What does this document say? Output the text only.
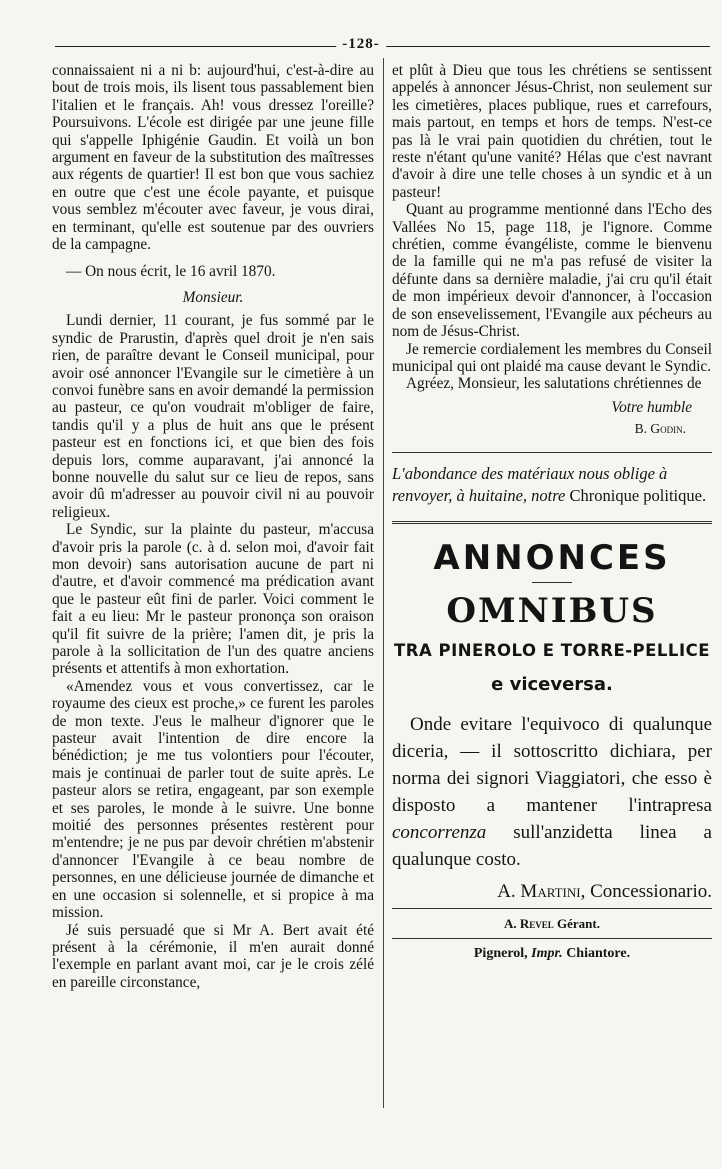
-128-

connaissaient ni a ni b: aujourd'hui, c'est-à-dire au bout de trois mois, ils lisent tous passablement bien l'italien et le français. Ah! vous dressez l'oreille? Poursuivons. L'école est dirigée par une jeune fille qui s'appelle Iphigénie Gaudin. Et voilà un bon argument en faveur de la substitution des maîtresses aux régents de quartier! Il est bon que vous sachiez en outre que c'est une école payante, et puisque vous semblez m'écouter avec faveur, je vous dirai, en terminant, qu'elle est soutenue par des ouvriers de la campagne.

— On nous écrit, le 16 avril 1870.

Monsieur.

Lundi dernier, 11 courant, je fus sommé par le syndic de Prarustin, d'après quel droit je n'en sais rien, de paraître devant le Conseil municipal, pour avoir osé annoncer l'Evangile sur le cimetière à un convoi funèbre sans en avoir demandé la permission au pasteur, ce qu'on voudrait m'obliger de faire, tandis qu'il y a plus de huit ans que le présent pasteur est en fonctions ici, et que bien des fois depuis lors, comme auparavant, j'ai annoncé la bonne nouvelle du salut sur ce lieu de repos, sans avoir dû m'adresser au pouvoir civil ni au pouvoir religieux.

Le Syndic, sur la plainte du pasteur, m'accusa d'avoir pris la parole (c. à d. selon moi, d'avoir fait mon devoir) sans autorisation aucune de part ni d'autre, et d'avoir commencé ma prédication avant que le pasteur eût fini de parler. Voici comment le fait a eu lieu: Mr le pasteur prononça son oraison qu'il fit suivre de la prière; l'amen dit, je pris la parole à la sollicitation de l'un des quatre anciens présents et attentifs à mon exhortation.

«Amendez vous et vous convertissez, car le royaume des cieux est proche,» ce furent les paroles de mon texte. J'eus le malheur d'ignorer que le pasteur avait l'intention de dire encore la bénédiction; je me tus volontiers pour l'écouter, mais je continuai de parler tout de suite après. Le pasteur alors se retira, engageant, par son exemple et ses paroles, le monde à le suivre. Une bonne moitié des personnes présentes restèrent pour m'entendre; je ne pus par devoir chrétien m'abstenir d'annoncer l'Evangile à ce beau nombre de personnes, en une délicieuse journée de dimanche et en une occasion si solennelle, et si propice à ma mission.

Jé suis persuadé que si Mr A. Bert avait été présent à la cérémonie, il m'en aurait donné l'exemple en parlant avant moi, car je le crois zélé en pareille circonstance,

et plût à Dieu que tous les chrétiens se sentissent appelés à annoncer Jésus-Christ, non seulement sur les cimetières, places publique, rues et carrefours, mais partout, en temps et hors de temps. N'est-ce pas là le vrai pain quotidien du chrétien, tout le reste n'étant qu'une vanité? Hélas que c'est navrant d'avoir à dire une telle choses à un syndic et à un pasteur!

Quant au programme mentionné dans l'Echo des Vallées No 15, page 118, je l'ignore. Comme chrétien, comme évangéliste, comme le bienvenu de la famille qui ne m'a pas refusé de visiter la défunte dans sa dernière maladie, j'ai cru qu'il était de mon impérieux devoir d'annoncer, à l'occasion de son ensevelissement, l'Evangile aux pécheurs au nom de Jésus-Christ.

Je remercie cordialement les membres du Conseil municipal qui ont plaidé ma cause devant le Syndic.

Agréez, Monsieur, les salutations chrétiennes de

Votre humble

B. Godin.

L'abondance des matériaux nous oblige à renvoyer, à huitaine, notre Chronique politique.

ANNONCES
OMNIBUS
TRA PINEROLO E TORRE-PELLICE
e viceversa.

Onde evitare l'equivoco di qualunque diceria, — il sottoscritto dichiara, per norma dei signori Viaggiatori, che esso è disposto a mantener l'intrapresa concorrenza sull'anzidetta linea a qualunque costo.

A. Martini, Concessionario.

A. Revel Gérant.

Pignerol, Impr. Chiantore.
